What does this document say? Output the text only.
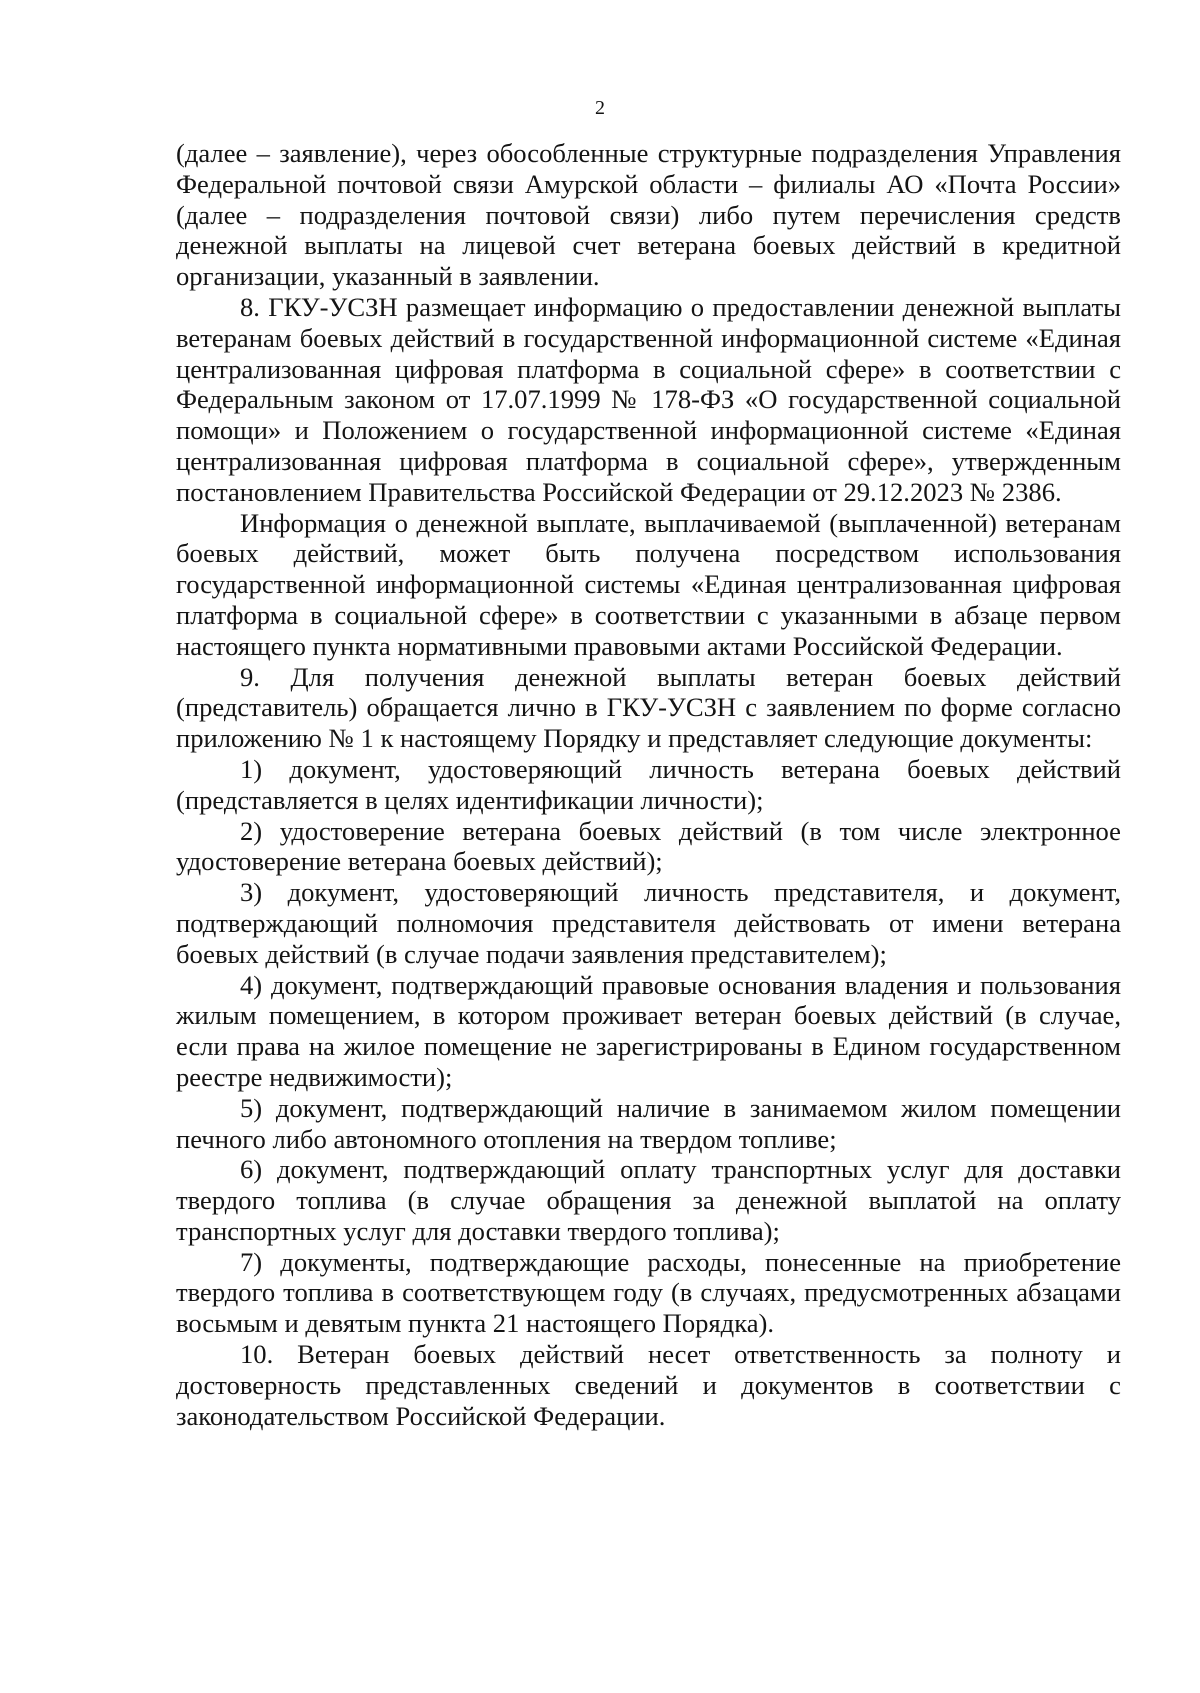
2

(далее – заявление), через обособленные структурные подразделения Управления Федеральной почтовой связи Амурской области – филиалы АО «Почта России» (далее – подразделения почтовой связи) либо путем перечисления средств денежной выплаты на лицевой счет ветерана боевых действий в кредитной организации, указанный в заявлении.

8. ГКУ-УСЗН размещает информацию о предоставлении денежной выплаты ветеранам боевых действий в государственной информационной системе «Единая централизованная цифровая платформа в социальной сфере» в соответствии с Федеральным законом от 17.07.1999 № 178-ФЗ «О государственной социальной помощи» и Положением о государственной информационной системе «Единая централизованная цифровая платформа в социальной сфере», утвержденным постановлением Правительства Российской Федерации от 29.12.2023 № 2386.

Информация о денежной выплате, выплачиваемой (выплаченной) ветеранам боевых действий, может быть получена посредством использования государственной информационной системы «Единая централизованная цифровая платформа в социальной сфере» в соответствии с указанными в абзаце первом настоящего пункта нормативными правовыми актами Российской Федерации.

9. Для получения денежной выплаты ветеран боевых действий (представитель) обращается лично в ГКУ-УСЗН с заявлением по форме согласно приложению № 1 к настоящему Порядку и представляет следующие документы:

1) документ, удостоверяющий личность ветерана боевых действий (представляется в целях идентификации личности);

2) удостоверение ветерана боевых действий (в том числе электронное удостоверение ветерана боевых действий);

3) документ, удостоверяющий личность представителя, и документ, подтверждающий полномочия представителя действовать от имени ветерана боевых действий (в случае подачи заявления представителем);

4) документ, подтверждающий правовые основания владения и пользования жилым помещением, в котором проживает ветеран боевых действий (в случае, если права на жилое помещение не зарегистрированы в Едином государственном реестре недвижимости);

5) документ, подтверждающий наличие в занимаемом жилом помещении печного либо автономного отопления на твердом топливе;

6) документ, подтверждающий оплату транспортных услуг для доставки твердого топлива (в случае обращения за денежной выплатой на оплату транспортных услуг для доставки твердого топлива);

7) документы, подтверждающие расходы, понесенные на приобретение твердого топлива в соответствующем году (в случаях, предусмотренных абзацами восьмым и девятым пункта 21 настоящего Порядка).

10. Ветеран боевых действий несет ответственность за полноту и достоверность представленных сведений и документов в соответствии с законодательством Российской Федерации.
